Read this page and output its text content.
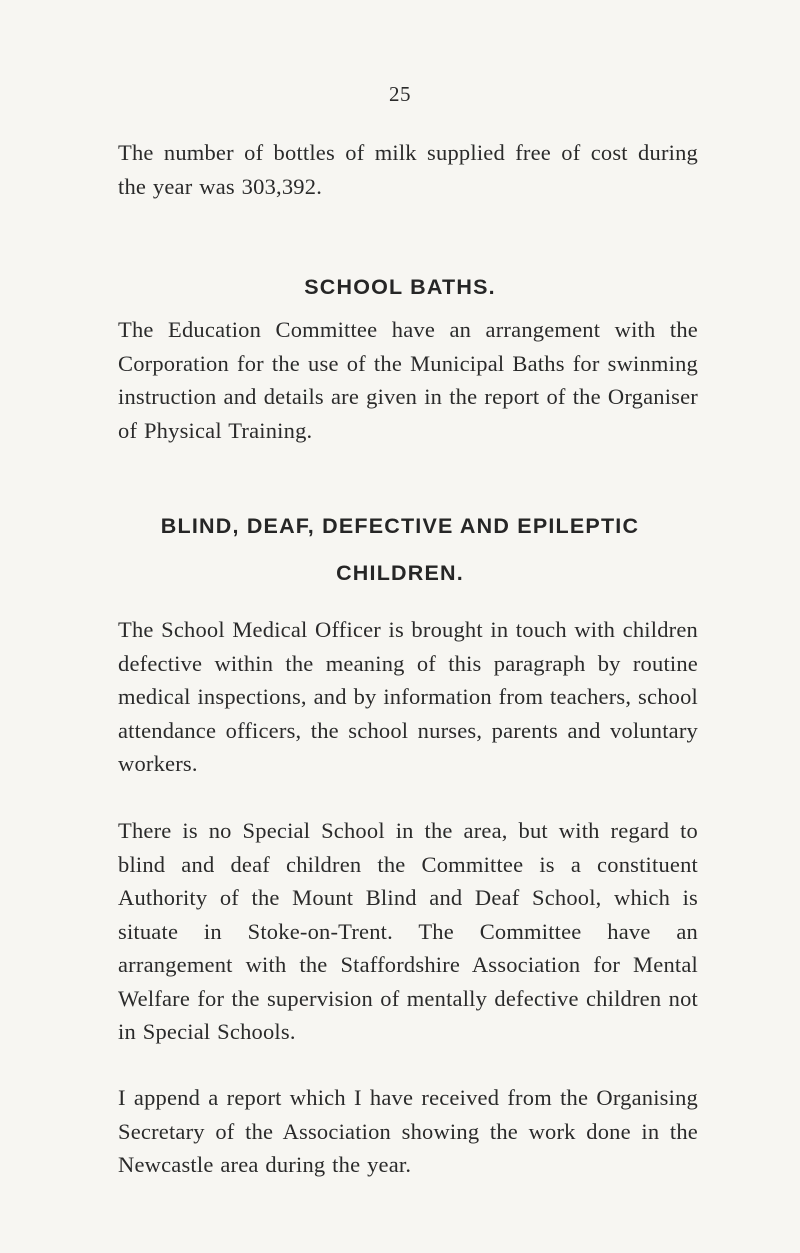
25

The number of bottles of milk supplied free of cost during the year was 303,392.

SCHOOL BATHS.

The Education Committee have an arrangement with the Corporation for the use of the Municipal Baths for swinming instruction and details are given in the report of the Organiser of Physical Training.

BLIND, DEAF, DEFECTIVE AND EPILEPTIC
CHILDREN.

The School Medical Officer is brought in touch with children defective within the meaning of this paragraph by routine medical inspections, and by information from teachers, school attendance officers, the school nurses, parents and voluntary workers.

There is no Special School in the area, but with regard to blind and deaf children the Committee is a constituent Authority of the Mount Blind and Deaf School, which is situate in Stoke-on-Trent. The Committee have an arrangement with the Staffordshire Association for Mental Welfare for the supervision of mentally defective children not in Special Schools.

I append a report which I have received from the Organising Secretary of the Association showing the work done in the Newcastle area during the year.
